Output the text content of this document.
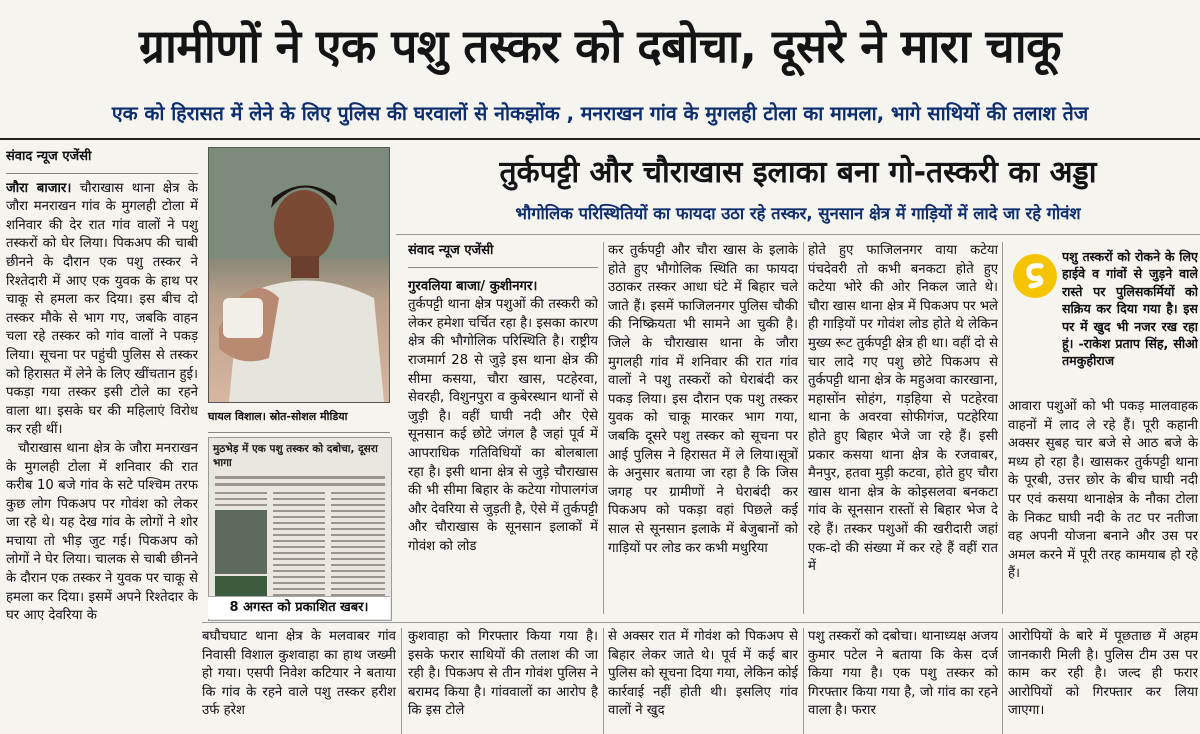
ग्रामीणों ने एक पशु तस्कर को दबोचा, दूसरे ने मारा चाकू
एक को हिरासत में लेने के लिए पुलिस की घरवालों से नोकझोंक , मनराखन गांव के मुगलही टोला का मामला, भागे साथियों की तलाश तेज

संवाद न्यूज एजेंसी

जौरा बाजार। चौराखास थाना क्षेत्र के जौरा मनराखन गांव के मुगलही टोला में शनिवार की देर रात गांव वालों ने पशु तस्करों को घेर लिया। पिकअप की चाबी छीनने के दौरान एक पशु तस्कर ने रिश्तेदारी में आए एक युवक के हाथ पर चाकू से हमला कर दिया। इस बीच दो तस्कर मौके से भाग गए, जबकि वाहन चला रहे तस्कर को गांव वालों ने पकड़ लिया। सूचना पर पहुंची पुलिस से तस्कर को हिरासत में लेने के लिए खींचतान हुई। पकड़ा गया तस्कर इसी टोले का रहने वाला था। इसके घर की महिलाएं विरोध कर रही थीं।

चौराखास थाना क्षेत्र के जौरा मनराखन के मुगलही टोला में शनिवार की रात करीब 10 बजे गांव के सटे पश्चिम तरफ कुछ लोग पिकअप पर गोवंश को लेकर जा रहे थे। यह देख गांव के लोगों ने शोर मचाया तो भीड़ जुट गई। पिकअप को लोगों ने घेर लिया। चालक से चाबी छीनने के दौरान एक तस्कर ने युवक पर चाकू से हमला कर दिया। इसमें अपने रिश्तेदार के घर आए देवरिया के

घायल विशाल। स्रोत-सोशल मीडिया
मुठभेड़ में एक पशु तस्कर को दबोचा, दूसरा भागा
8 अगस्त को प्रकाशित खबर।
तुर्कपट्टी और चौराखास इलाका बना गो-तस्करी का अड्डा
भौगोलिक परिस्थितियों का फायदा उठा रहे तस्कर, सुनसान क्षेत्र में गाड़ियों में लादे जा रहे गोवंश

संवाद न्यूज एजेंसी

गुरवलिया बाजा/ कुशीनगर।

तुर्कपट्टी थाना क्षेत्र पशुओं की तस्करी को लेकर हमेशा चर्चित रहा है। इसका कारण क्षेत्र की भौगोलिक परिस्थिति है। राष्ट्रीय राजमार्ग 28 से जुड़े इस थाना क्षेत्र की सीमा कसया, चौरा खास, पटहेरवा, सेवरही, विशुनपुरा व कुबेरस्थान थानों से जुड़ी है। वहीं घाघी नदी और ऐसे सूनसान कई छोटे जंगल है जहां पूर्व में आपराधिक गतिविधियों का बोलबाला रहा है। इसी थाना क्षेत्र से जुड़े चौराखास की भी सीमा बिहार के कटेया गोपालगंज और देवरिया से जुड़ती है, ऐसे में तुर्कपट्टी और चौराखास के सूनसान इलाकों में गोवंश को लोड

कर तुर्कपट्टी और चौरा खास के इलाके होते हुए भौगोलिक स्थिति का फायदा उठाकर तस्कर आधा घंटे में बिहार चले जाते हैं। इसमें फाजिलनगर पुलिस चौकी की निष्क्रियता भी सामने आ चुकी है। जिले के चौराखास थाना के जौरा मुगलही गांव में शनिवार की रात गांव वालों ने पशु तस्करों को घेराबंदी कर पकड़ लिया। इस दौरान एक पशु तस्कर युवक को चाकू मारकर भाग गया, जबकि दूसरे पशु तस्कर को सूचना पर आई पुलिस ने हिरासत में ले लिया।सूत्रों के अनुसार बताया जा रहा है कि जिस जगह पर ग्रामीणों ने घेराबंदी कर पिकअप को पकड़ा वहां पिछले कई साल से सूनसान इलाके में बेजुबानों को गाड़ियों पर लोड कर कभी मधुरिया

होते हुए फाजिलनगर वाया कटेया पंचदेवरी तो कभी बनकटा होते हुए कटेया भोरे की ओर निकल जाते थे। चौरा खास थाना क्षेत्र में पिकअप पर भले ही गाड़ियों पर गोवंश लोड होते थे लेकिन मुख्य रूट तुर्कपट्टी क्षेत्र ही था। वहीं दो से चार लादे गए पशु छोटे पिकअप से तुर्कपट्टी थाना क्षेत्र के महुअवा कारखाना, महासोंन सोहंग, गड़हिया से पटहेरवा थाना के अवरवा सोफीगंज, पटहेरिया होते हुए बिहार भेजे जा रहे हैं। इसी प्रकार कसया थाना क्षेत्र के रजवाबर, मैनपुर, हतवा मुड़ी कटवा, होते हुए चौरा खास थाना क्षेत्र के कोइसलवा बनकटा गांव के सूनसान रास्तों से बिहार भेज दे रहे हैं। तस्कर पशुओं की खरीदारी जहां एक-दो की संख्या में कर रहे हैं वहीं रात में

पशु तस्करों को रोकने के लिए हाईवे व गांवों से जुड़ने वाले रास्ते पर पुलिसकर्मियों को सक्रिय कर दिया गया है। इस पर में खुद भी नजर रख रहा हूं। -राकेश प्रताप सिंह, सीओ तमकुहीराज

आवारा पशुओं को भी पकड़ मालवाहक वाहनों में लाद ले रहे हैं। पूरी कहानी अक्सर सुबह चार बजे से आठ बजे के मध्य हो रहा है। खासकर तुर्कपट्टी थाना के पूरबी, उत्तर छोर के बीच घाघी नदी पर एवं कसया थानाक्षेत्र के नौका टोला के निकट घाघी नदी के तट पर नतीजा वह अपनी योजना बनाने और उस पर अमल करने में पूरी तरह कामयाब हो रहे हैं।

बघौचघाट थाना क्षेत्र के मलवाबर गांव निवासी विशाल कुशवाहा का हाथ जख्मी हो गया। एसपी निवेश कटियार ने बताया कि गांव के रहने वाले पशु तस्कर हरीश उर्फ हरेश

कुशवाहा को गिरफ्तार किया गया है। इसके फरार साथियों की तलाश की जा रही है। पिकअप से तीन गोवंश पुलिस ने बरामद किया है। गांववालों का आरोप है कि इस टोले

से अक्सर रात में गोवंश को पिकअप से बिहार लेकर जाते थे। पूर्व में कई बार पुलिस को सूचना दिया गया, लेकिन कोई कार्रवाई नहीं होती थी। इसलिए गांव वालों ने खुद

पशु तस्करों को दबोचा। थानाध्यक्ष अजय कुमार पटेल ने बताया कि केस दर्ज किया गया है। एक पशु तस्कर को गिरफ्तार किया गया है, जो गांव का रहने वाला है। फरार

आरोपियों के बारे में पूछताछ में अहम जानकारी मिली है। पुलिस टीम उस पर काम कर रही है। जल्द ही फरार आरोपियों को गिरफ्तार कर लिया जाएगा।
